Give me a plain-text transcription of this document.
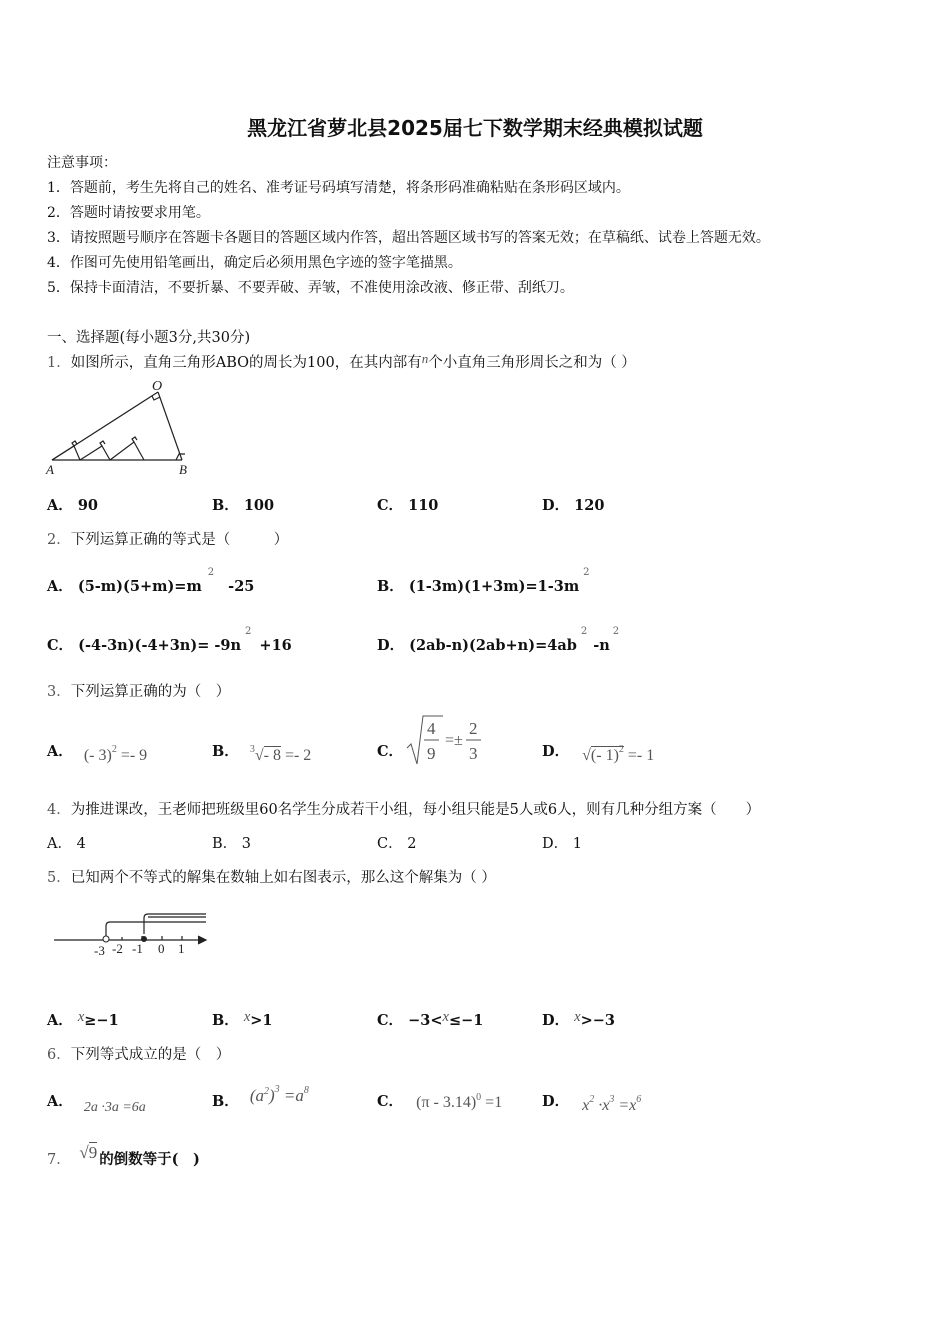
黑龙江省萝北县2025届七下数学期末经典模拟试题
注意事项：
1．答题前，考生先将自己的姓名、准考证号码填写清楚，将条形码准确粘贴在条形码区域内。
2．答题时请按要求用笔。
3．请按照题号顺序在答题卡各题目的答题区域内作答，超出答题区域书写的答案无效；在草稿纸、试卷上答题无效。
4．作图可先使用铅笔画出，确定后必须用黑色字迹的签字笔描黑。
5．保持卡面清洁，不要折暴、不要弄破、弄皱，不准使用涂改液、修正带、刮纸刀。
一、选择题(每小题3分,共30分)
1．如图所示，直角三角形ABO的周长为100，在其内部有n个小直角三角形周长之和为（ ）
O
A	B
A． 90	B． 100	C． 110	D． 120
2．下列运算正确的等式是（　　　）
A． $(5-m)(5+m)=m^2-25$	B． $(1-3m)(1+3m)=1-3m^2$
C． $(-4-3n)(-4+3n)= -9n^2+16$	D． $(2ab-n)(2ab+n)=4ab^2-n^2$
3．下列运算正确的为（　）
A． (- 3)$^2$ =- 9	B． $^3$√- 8 =- 2	C．
4
9
=±
2
3	D． √(- 1)$^2$ =- 1
4．为推进课改，王老师把班级里60名学生分成若干小组，每小组只能是5人或6人，则有几种分组方案（　　）
A． 4	B． 3	C． 2	D． 1
5．已知两个不等式的解集在数轴上如右图表示，那么这个解集为（ ）
-3 -2 -1 0 1
A． x≥−1	B． x>1	C． −3<x≤−1	D． x>−3
6．下列等式成立的是（　）
A． 2a ·3a =6a	B． $(a^2)^3 =a^8$
C． (π - 3.14)$^0$ =1	D． $x^2 \cdot x^3 =x^6$
7． √9 的倒数等于(　)
